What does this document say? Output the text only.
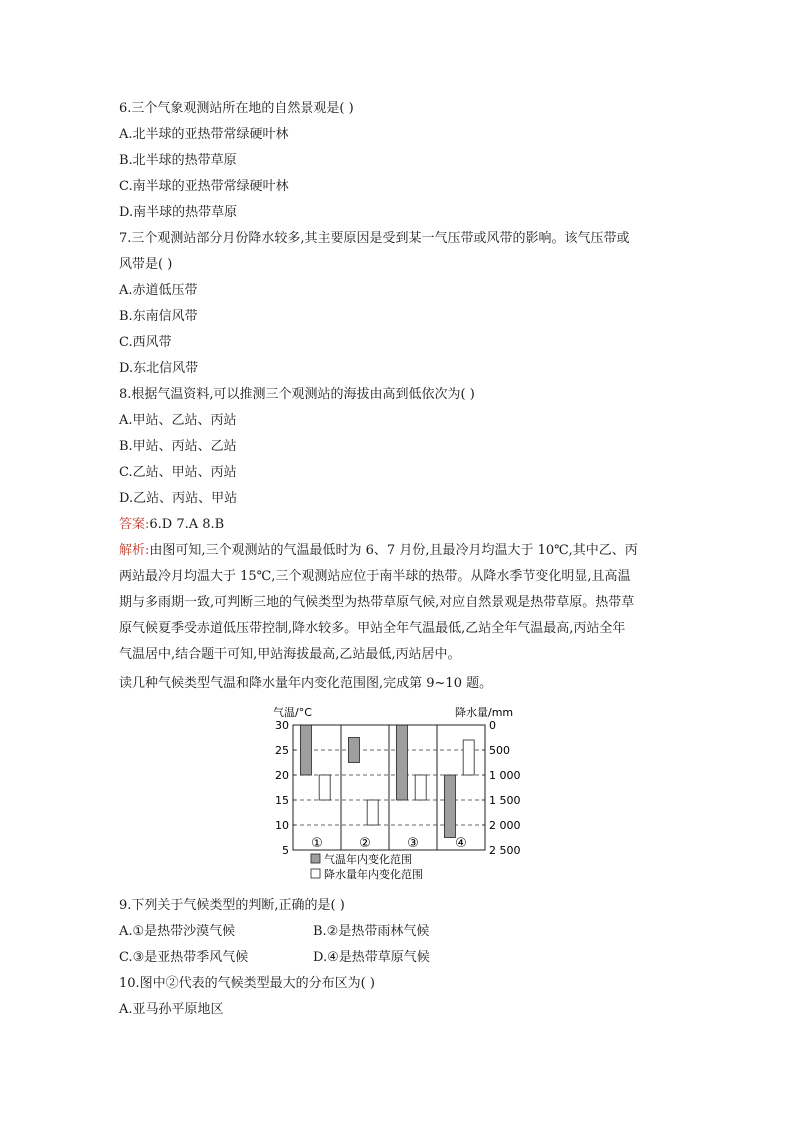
6.三个气象观测站所在地的自然景观是( )
A.北半球的亚热带常绿硬叶林
B.北半球的热带草原
C.南半球的亚热带常绿硬叶林
D.南半球的热带草原
7.三个观测站部分月份降水较多,其主要原因是受到某一气压带或风带的影响。该气压带或
风带是( )
A.赤道低压带
B.东南信风带
C.西风带
D.东北信风带
8.根据气温资料,可以推测三个观测站的海拔由高到低依次为( )
A.甲站、乙站、丙站
B.甲站、丙站、乙站
C.乙站、甲站、丙站
D.乙站、丙站、甲站
答案:6.D 7.A 8.B
解析:由图可知,三个观测站的气温最低时为 6、7 月份,且最冷月均温大于 10℃,其中乙、丙
两站最冷月均温大于 15℃,三个观测站应位于南半球的热带。从降水季节变化明显,且高温
期与多雨期一致,可判断三地的气候类型为热带草原气候,对应自然景观是热带草原。热带草
原气候夏季受赤道低压带控制,降水较多。甲站全年气温最低,乙站全年气温最高,丙站全年
气温居中,结合题干可知,甲站海拔最高,乙站最低,丙站居中。
读几种气候类型气温和降水量年内变化范围图,完成第 9~10 题。
气温/°C	降水量/mm
30
25
20
15
10
5
0
500
1 000
1 500
2 000
2 500
①	②	③	④
气温年内变化范围
降水量年内变化范围
9.下列关于气候类型的判断,正确的是( )
A.①是热带沙漠气候	B.②是热带雨林气候
C.③是亚热带季风气候	D.④是热带草原气候
10.图中②代表的气候类型最大的分布区为( )
A.亚马孙平原地区
